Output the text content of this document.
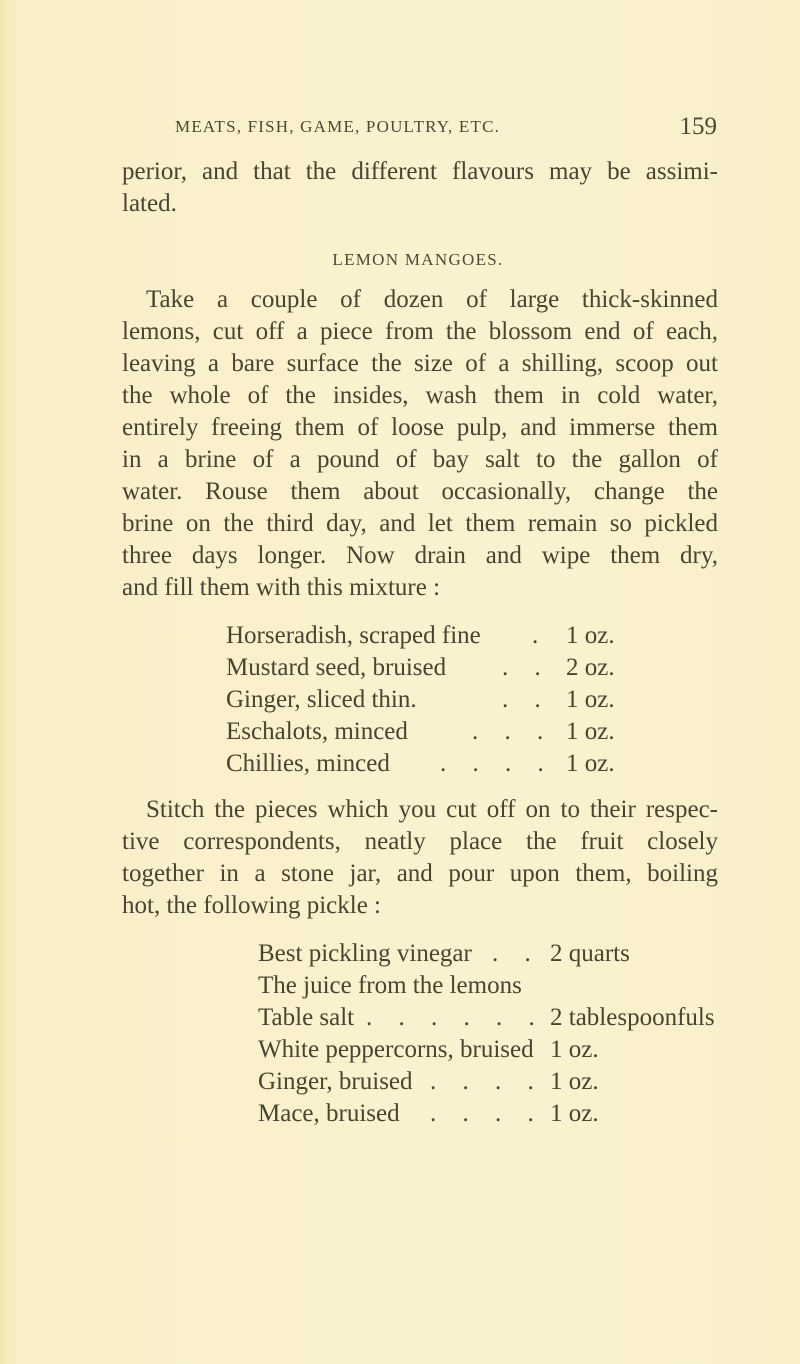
MEATS, FISH, GAME, POULTRY, ETC.	159
perior, and that the different flavours may be assimi-
lated.
LEMON MANGOES.
Take a couple of dozen of large thick-skinned
lemons, cut off a piece from the blossom end of each,
leaving a bare surface the size of a shilling, scoop out
the whole of the insides, wash them in cold water,
entirely freeing them of loose pulp, and immerse them
in a brine of a pound of bay salt to the gallon of
water. Rouse them about occasionally, change the
brine on the third day, and let them remain so pickled
three days longer. Now drain and wipe them dry,
and fill them with this mixture :
Horseradish, scraped fine . 1 oz.
Mustard seed, bruised . . 2 oz.
Ginger, sliced thin.	. . 1 oz.
Eschalots, minced	. . . 1 oz.
Chillies, minced . . . . 1 oz.
Stitch the pieces which you cut off on to their respec-
tive correspondents, neatly place the fruit closely
together in a stone jar, and pour upon them, boiling
hot, the following pickle :
Best pickling vinegar . . 2 quarts
The juice from the lemons
Table salt . . . . . . 2 tablespoonfuls
White peppercorns, bruised 1 oz.
Ginger, bruised . . . . 1 oz.
Mace, bruised . . . . 1 oz.
